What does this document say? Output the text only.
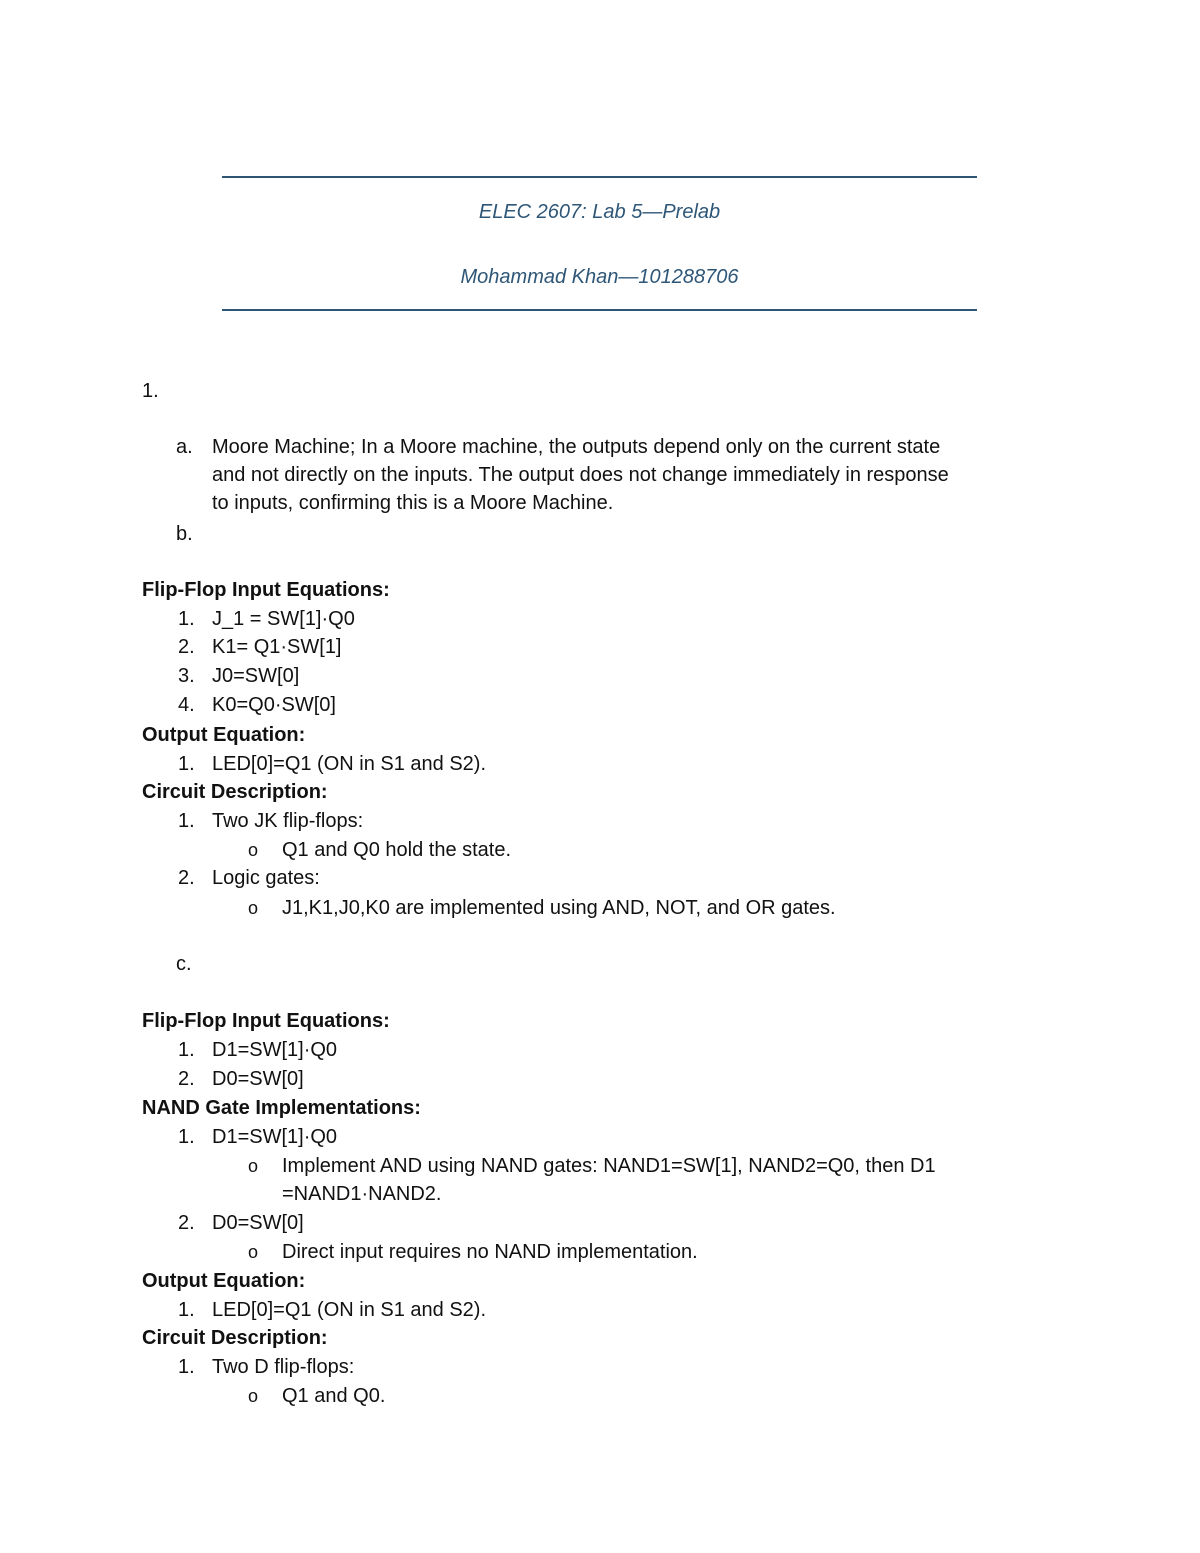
ELEC 2607: Lab 5—Prelab
Mohammad Khan—101288706
1.
a. Moore Machine; In a Moore machine, the outputs depend only on the current state
and not directly on the inputs. The output does not change immediately in response
to inputs, confirming this is a Moore Machine.
b.
Flip-Flop Input Equations:
1. J_1 = SW[1]·Q0
2. K1= Q1·SW[1]
3. J0=SW[0]
4. K0=Q0·SW[0]
Output Equation:
1. LED[0]=Q1 (ON in S1 and S2).
Circuit Description:
1. Two JK flip-flops:
o Q1 and Q0 hold the state.
2. Logic gates:
o J1,K1,J0,K0 are implemented using AND, NOT, and OR gates.
c.
Flip-Flop Input Equations:
1. D1=SW[1]·Q0
2. D0=SW[0]
NAND Gate Implementations:
1. D1=SW[1]·Q0
o Implement AND using NAND gates: NAND1=SW[1], NAND2=Q0, then D1
=NAND1·NAND2.
2. D0=SW[0]
o Direct input requires no NAND implementation.
Output Equation:
1. LED[0]=Q1 (ON in S1 and S2).
Circuit Description:
1. Two D flip-flops:
o Q1 and Q0.
